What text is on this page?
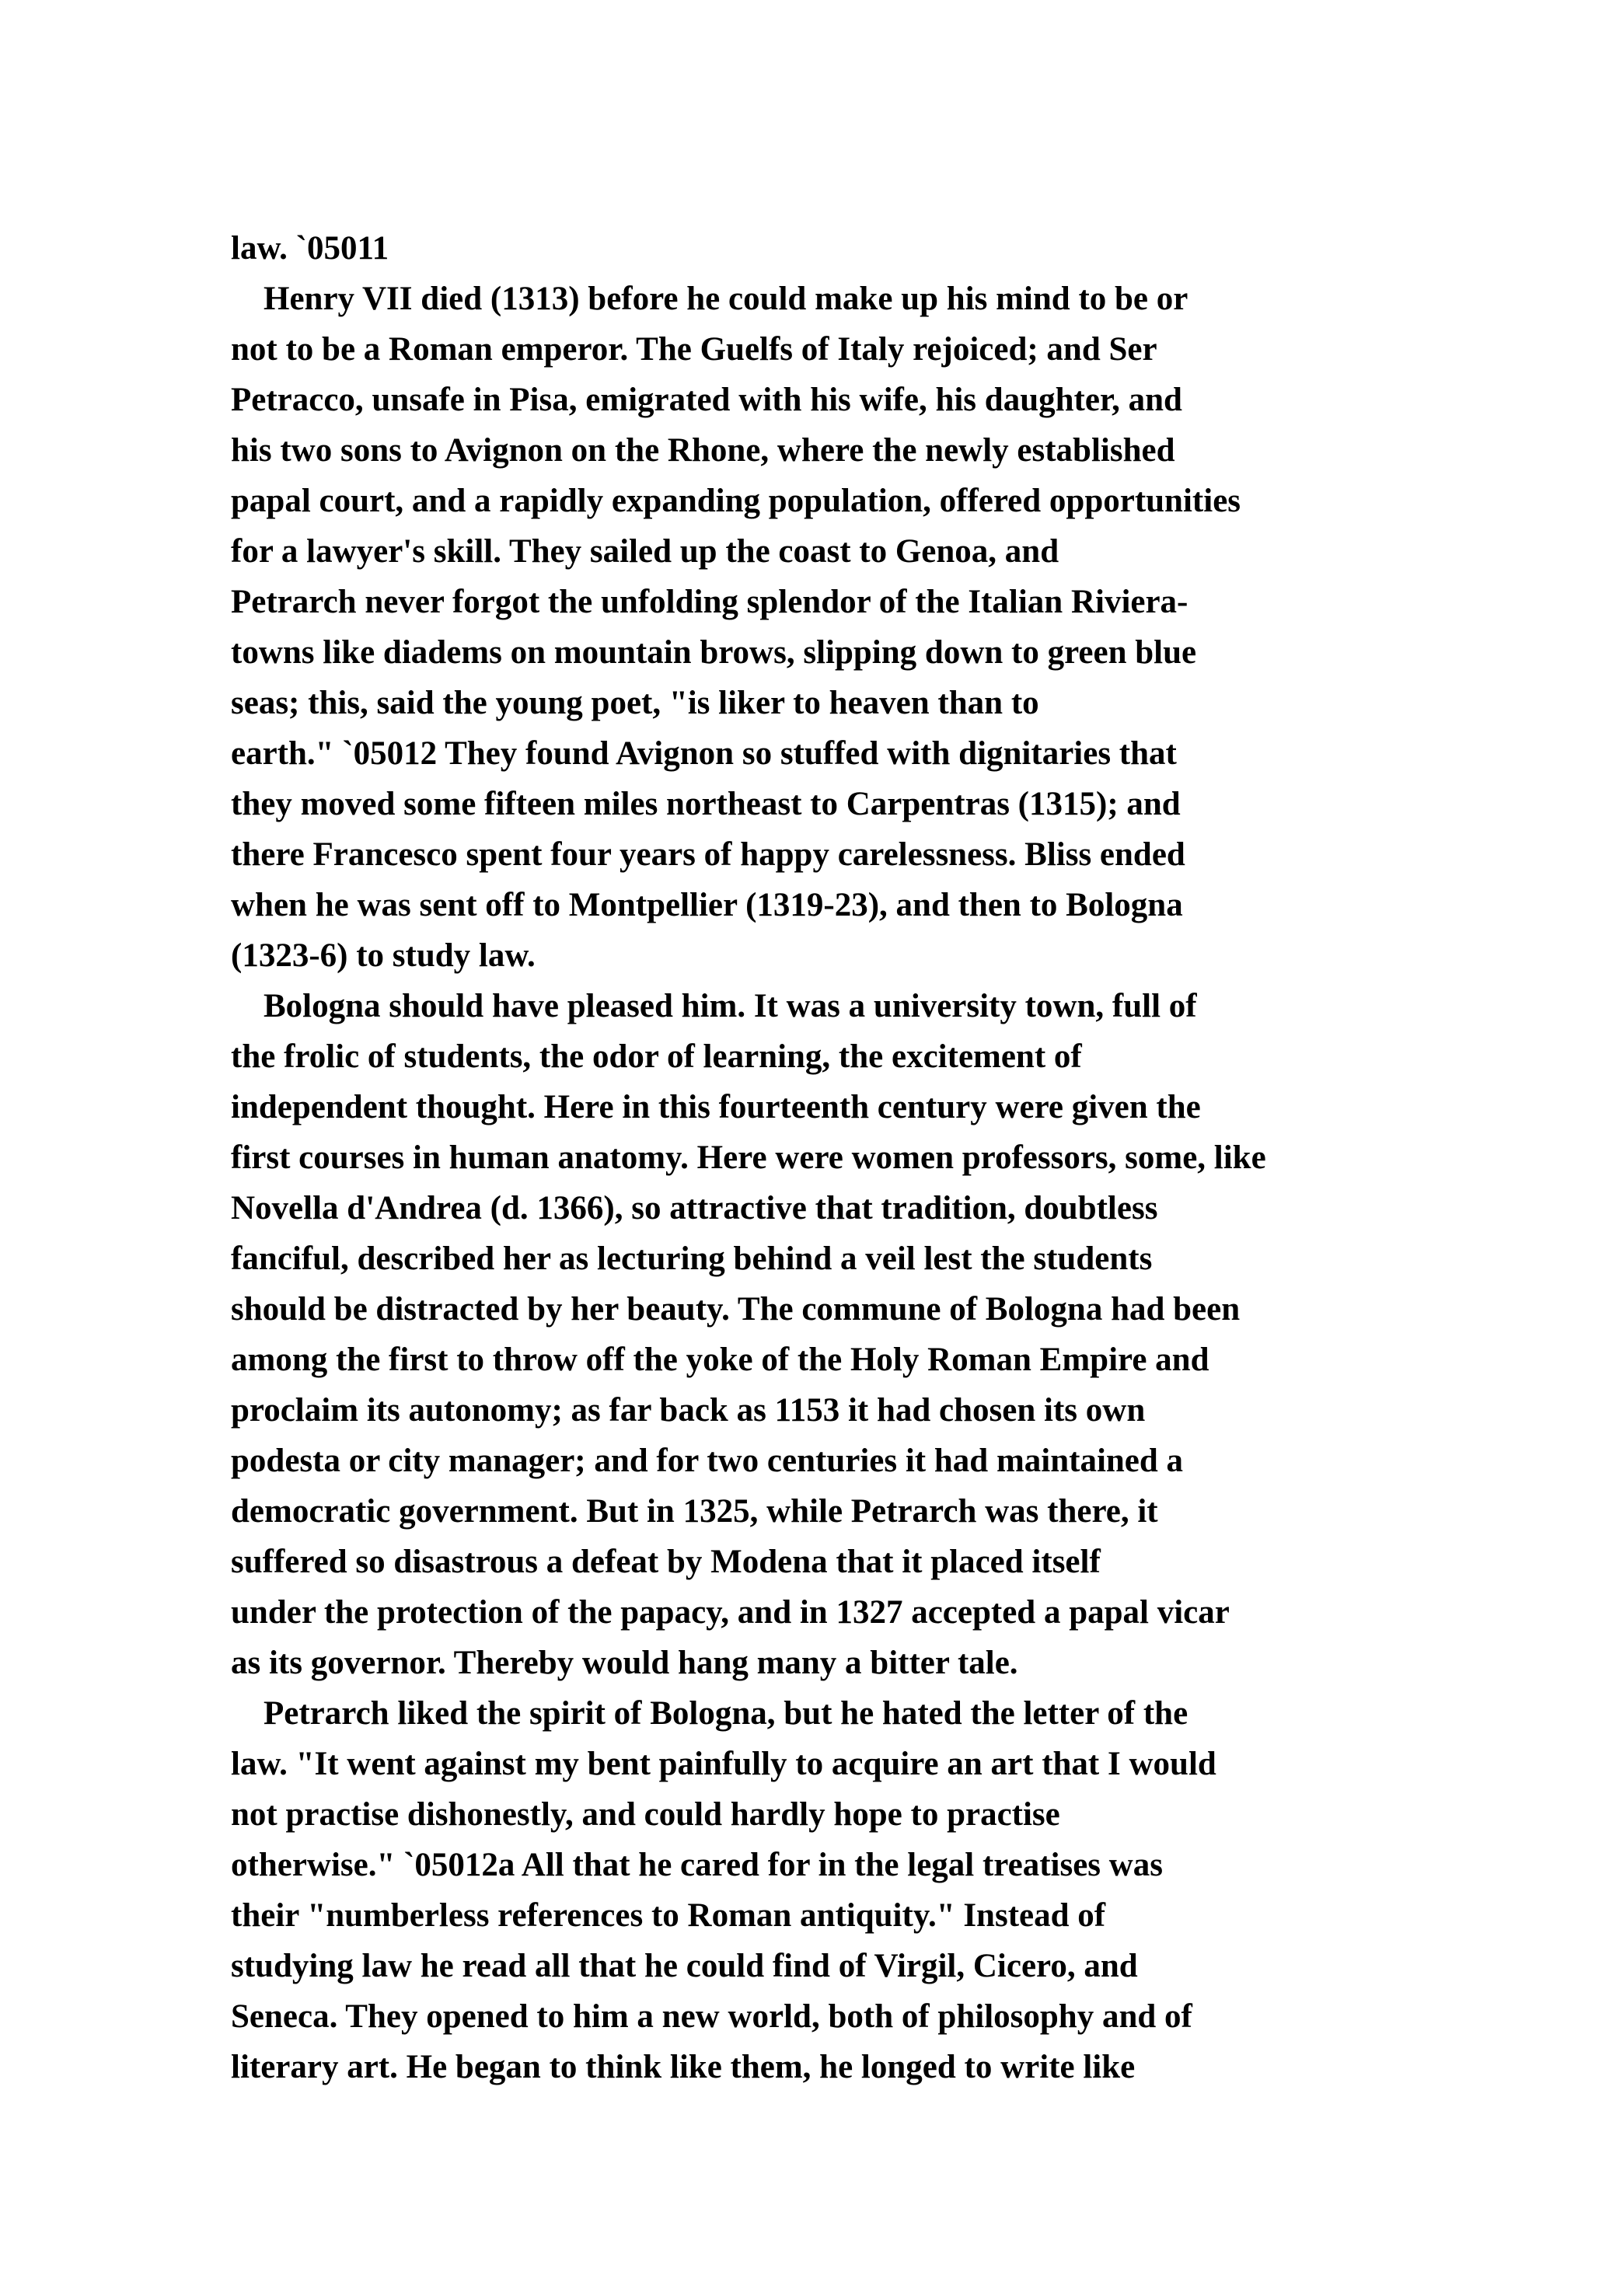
law. `05011
Henry VII died (1313) before he could make up his mind to be or
not to be a Roman emperor. The Guelfs of Italy rejoiced; and Ser
Petracco, unsafe in Pisa, emigrated with his wife, his daughter, and
his two sons to Avignon on the Rhone, where the newly established
papal court, and a rapidly expanding population, offered opportunities
for a lawyer's skill. They sailed up the coast to Genoa, and
Petrarch never forgot the unfolding splendor of the Italian Riviera-
towns like diadems on mountain brows, slipping down to green blue
seas; this, said the young poet, "is liker to heaven than to
earth." `05012 They found Avignon so stuffed with dignitaries that
they moved some fifteen miles northeast to Carpentras (1315); and
there Francesco spent four years of happy carelessness. Bliss ended
when he was sent off to Montpellier (1319-23), and then to Bologna
(1323-6) to study law.
Bologna should have pleased him. It was a university town, full of
the frolic of students, the odor of learning, the excitement of
independent thought. Here in this fourteenth century were given the
first courses in human anatomy. Here were women professors, some, like
Novella d'Andrea (d. 1366), so attractive that tradition, doubtless
fanciful, described her as lecturing behind a veil lest the students
should be distracted by her beauty. The commune of Bologna had been
among the first to throw off the yoke of the Holy Roman Empire and
proclaim its autonomy; as far back as 1153 it had chosen its own
podesta or city manager; and for two centuries it had maintained a
democratic government. But in 1325, while Petrarch was there, it
suffered so disastrous a defeat by Modena that it placed itself
under the protection of the papacy, and in 1327 accepted a papal vicar
as its governor. Thereby would hang many a bitter tale.
Petrarch liked the spirit of Bologna, but he hated the letter of the
law. "It went against my bent painfully to acquire an art that I would
not practise dishonestly, and could hardly hope to practise
otherwise." `05012a All that he cared for in the legal treatises was
their "numberless references to Roman antiquity." Instead of
studying law he read all that he could find of Virgil, Cicero, and
Seneca. They opened to him a new world, both of philosophy and of
literary art. He began to think like them, he longed to write like
